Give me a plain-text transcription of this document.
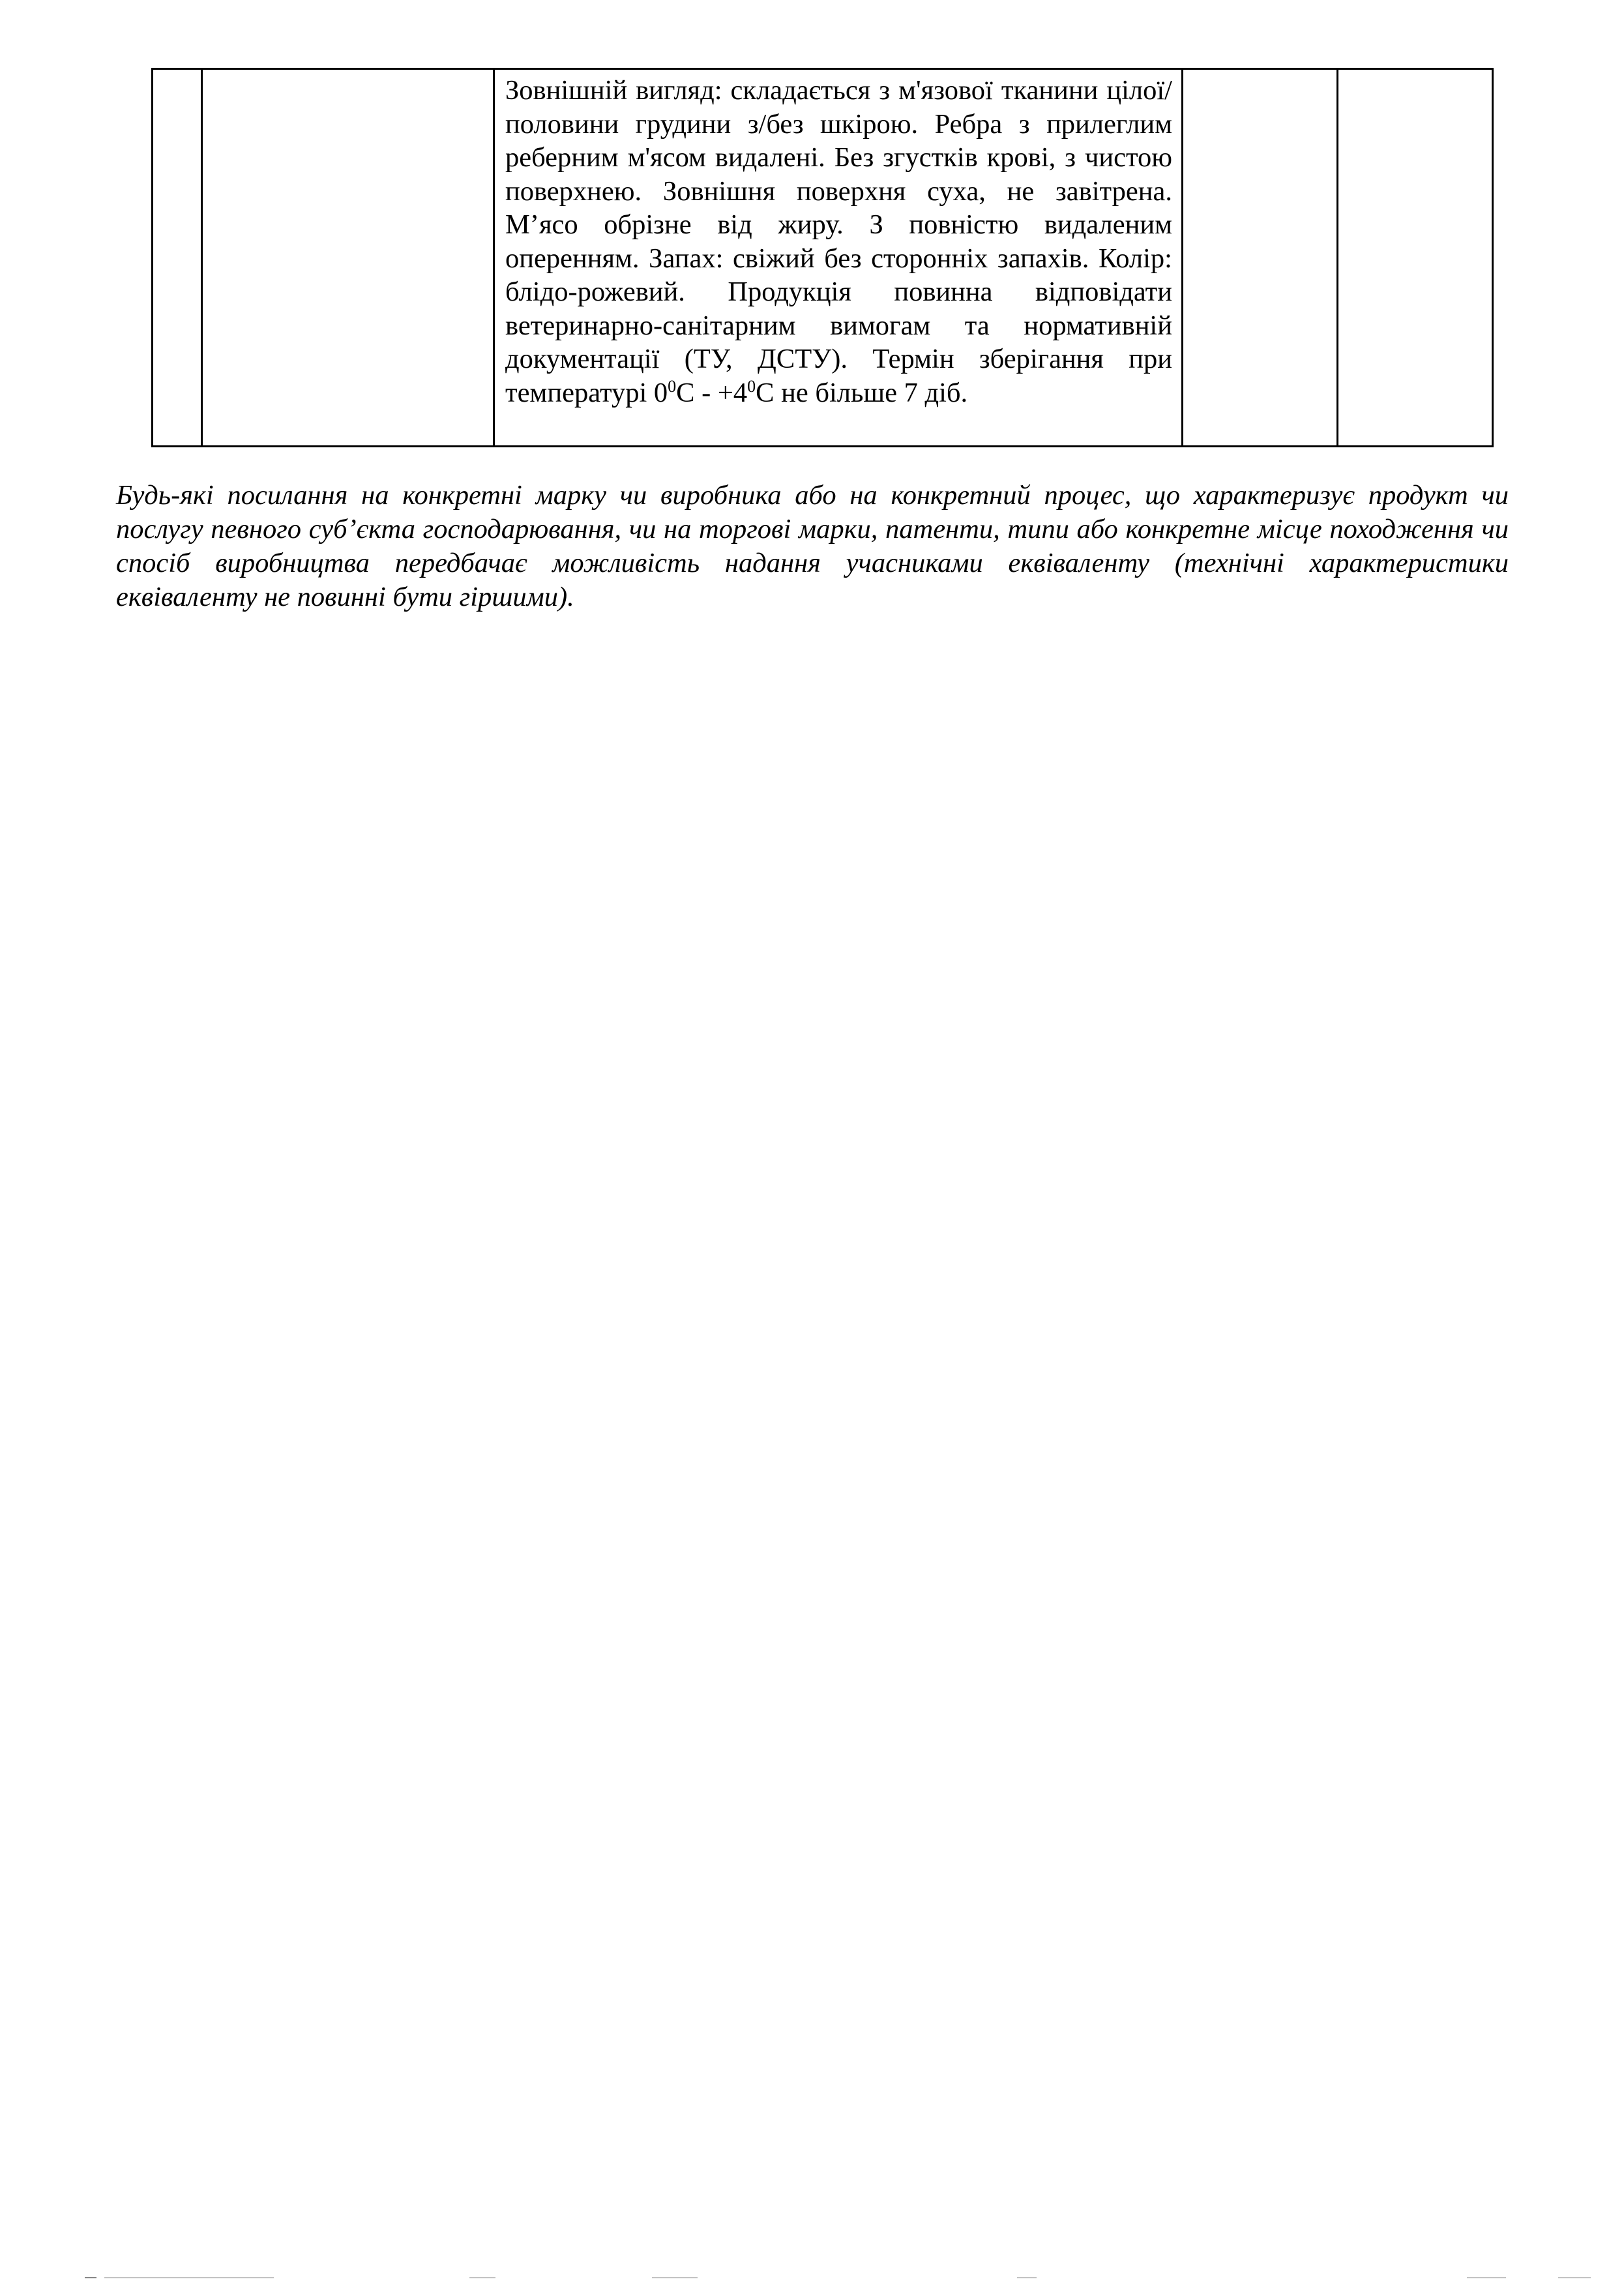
		Зовнішній вигляд: складається з м'язової тканини цілої/половини грудини з/без шкірою. Ребра з прилеглим реберним м'ясом видалені. Без згустків крові, з чистою поверхнею. Зовнішня поверхня суха, не завітрена. М’ясо обрізне від жиру. З повністю видаленим оперенням. Запах: свіжий без сторонніх запахів. Колір: блідо-рожевий. Продукція повинна відповідати ветеринарно-санітарним вимогам та нормативній документації (ТУ, ДСТУ). Термін зберігання при температурі $0^0С - +4^0С$ не більше 7 діб.		

Будь-які посилання на конкретні марку чи виробника або на конкретний процес, що характеризує продукт чи послугу певного суб’єкта господарювання, чи на торгові марки, патенти, типи або конкретне місце походження чи спосіб виробництва передбачає можливість надання учасниками еквіваленту (технічні характеристики еквіваленту не повинні бути гіршими).
